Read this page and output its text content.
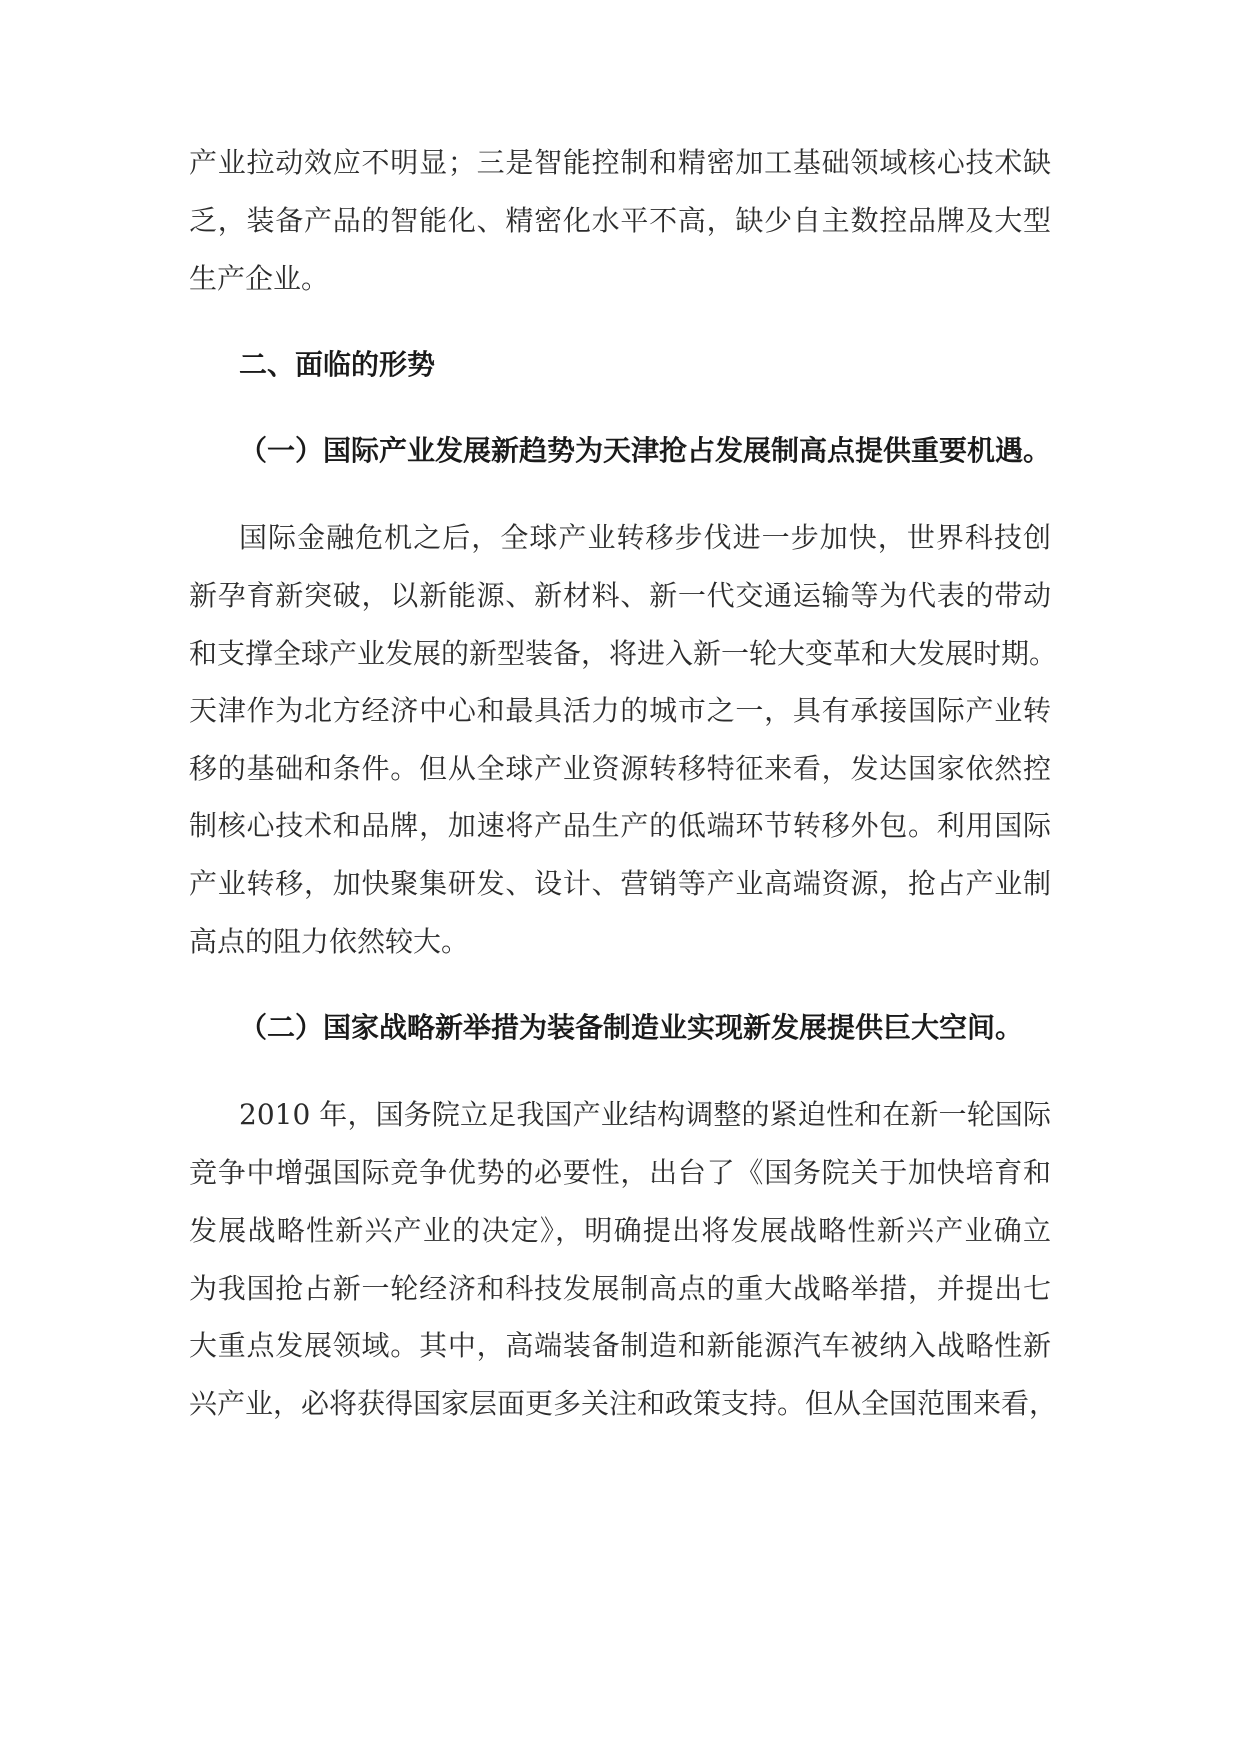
产业拉动效应不明显；三是智能控制和精密加工基础领域核心技术缺
乏，装备产品的智能化、精密化水平不高，缺少自主数控品牌及大型
生产企业。
二、面临的形势
（一）国际产业发展新趋势为天津抢占发展制高点提供重要机遇。
国际金融危机之后，全球产业转移步伐进一步加快，世界科技创
新孕育新突破，以新能源、新材料、新一代交通运输等为代表的带动
和支撑全球产业发展的新型装备，将进入新一轮大变革和大发展时期。
天津作为北方经济中心和最具活力的城市之一，具有承接国际产业转
移的基础和条件。但从全球产业资源转移特征来看，发达国家依然控
制核心技术和品牌，加速将产品生产的低端环节转移外包。利用国际
产业转移，加快聚集研发、设计、营销等产业高端资源，抢占产业制
高点的阻力依然较大。
（二）国家战略新举措为装备制造业实现新发展提供巨大空间。
2010 年，国务院立足我国产业结构调整的紧迫性和在新一轮国际
竞争中增强国际竞争优势的必要性，出台了《国务院关于加快培育和
发展战略性新兴产业的决定》，明确提出将发展战略性新兴产业确立
为我国抢占新一轮经济和科技发展制高点的重大战略举措，并提出七
大重点发展领域。其中，高端装备制造和新能源汽车被纳入战略性新
兴产业，必将获得国家层面更多关注和政策支持。但从全国范围来看，
